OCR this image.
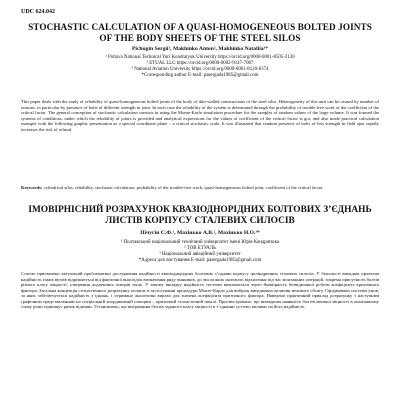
UDC 624.042
STOCHASTIC CALCULATION OF A QUASI-HOMOGENEOUS BOLTED JOINTS OF THE BODY SHEETS OF THE STEEL SILOS
Pichugin Sergii¹, Makhinko Anton², Makhinko Nataliia³*
¹ Poltava National Technical Yuri Kondratyuk University https://orcid.org/0000-0001-8505-2130
² ETUAL LLC https://orcid.org/0000-0002-9147-7087
³ National Aviation University https://orcid.org/0000-0001-8120-6374
*Corresponding author E-mail: pasergada1985@gmail.com
This paper deals with the study of reliability of quasi-homogeneous bolted joints of the body of thin-walled constructions of the steel silos. Heterogeneity of this unit can be caused by number of reasons, in particular by presence of bolts of different strength in joint. In such case the reliability of the system is determined through the probability of trouble-free work of the coefficient of the critical factor. The general conception of stochastic calculation consists in using the Monte-Karlo simulation procedure for the samples of random values of the large volume. It was formed the systems of conditions, under which the reliability of joints is provided and analytical expressions for the values of coefficient of the critical factor is got, and also made practical calculation example with the following graphic presentation as a special coordinate plane – a critical stochastic scale. It was illustrated that random presence of bolts of less strength in field spot rapidly increases the risk of refusal.
Keywords: cylindrical silos, reliability, stochastic calculation, probability of the trouble-free work, quasi-homogeneous bolted joint, coefficient of the critical factor.
ІМОВІРНІСНИЙ РОЗРАХУНОК КВАЗІОДНОРІДНИХ БОЛТОВИХ З’ЄДНАНЬ ЛИСТІВ КОРПУСУ СТАЛЕВИХ СИЛОСІВ
Пічугін С.Ф.¹, Махінько А.В.², Махінько Н.О.³*
¹ Полтавський національний технічний університет імені Юрія Кондратюка
² ТОВ ЕТУАЛЬ
³ Національний авіаційний університет
*Адреса для листування E-mail: pasergada1985@gmail.com
Статтю присвячено актуальній проблематиці дослідження надійності квазіоднорідних болтових з’єднань корпусу циліндричних сталевих силосів. У більшості випадків проектна надійність таких вузлів відрізняється від фактичної внаслідок визначення ряду чинників, до числа яких належать відхилення під час монтажних операцій, зокрема присутність болтів різного класу міцності, утворення додаткових отворів тощо. У такому випадку надійність системи визначається через ймовірність безвідмовної роботи коефіцієнта критичного фактора. Загальна концепція стохастичного розрахунку полягає в застосуванні процедури Монте-Карло для вибірок випадкових величин великого обсягу. Сформовано системи умов, за яких забезпечується надійність з’єднань, і отримано аналітичні вирази для значень коефіцієнта критичного фактора. Наведено практичний приклад розрахунку з наступним графічним представленням на спеціальній координатній площині – критичній стохастичній шкалі. Проілюстровано, що випадкова наявність болтів меншої міцності в монтажному стику різко підвищує ризик відмови. Установлено, що витрачання болтів заданого класу міцності в з’єднанні суттєво впливає на його надійність.
